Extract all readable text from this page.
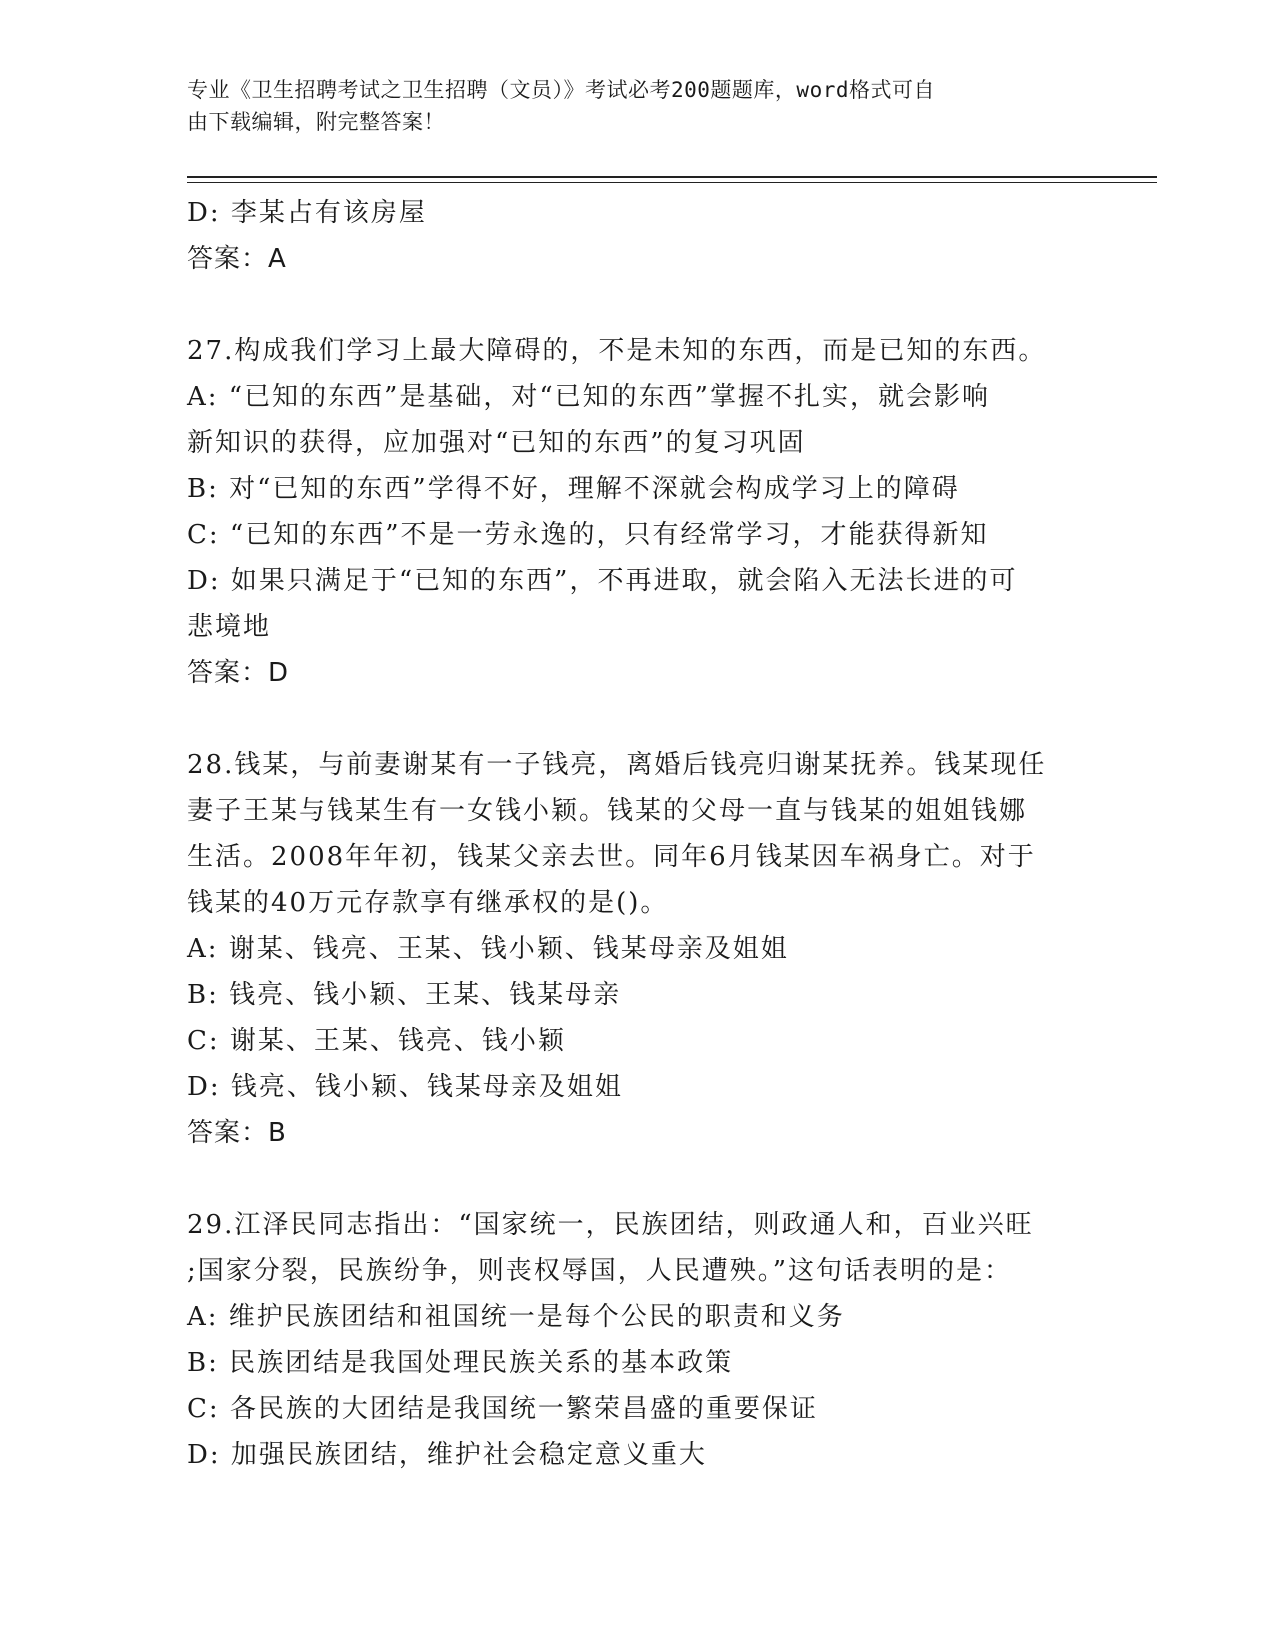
专业《卫生招聘考试之卫生招聘（文员）》考试必考200题题库，word格式可自
由下载编辑，附完整答案！
D: 李某占有该房屋
答案：A
27.构成我们学习上最大障碍的，不是未知的东西，而是已知的东西。
A: “已知的东西”是基础，对“已知的东西”掌握不扎实，就会影响
新知识的获得，应加强对“已知的东西”的复习巩固
B: 对“已知的东西”学得不好，理解不深就会构成学习上的障碍
C: “已知的东西”不是一劳永逸的，只有经常学习，才能获得新知
D: 如果只满足于“已知的东西”，不再进取，就会陷入无法长进的可
悲境地
答案：D
28.钱某，与前妻谢某有一子钱亮，离婚后钱亮归谢某抚养。钱某现任
妻子王某与钱某生有一女钱小颖。钱某的父母一直与钱某的姐姐钱娜
生活。2008年年初，钱某父亲去世。同年6月钱某因车祸身亡。对于
钱某的40万元存款享有继承权的是()。
A: 谢某、钱亮、王某、钱小颖、钱某母亲及姐姐
B: 钱亮、钱小颖、王某、钱某母亲
C: 谢某、王某、钱亮、钱小颖
D: 钱亮、钱小颖、钱某母亲及姐姐
答案：B
29.江泽民同志指出：“国家统一，民族团结，则政通人和，百业兴旺
;国家分裂，民族纷争，则丧权辱国，人民遭殃。”这句话表明的是：
A: 维护民族团结和祖国统一是每个公民的职责和义务
B: 民族团结是我国处理民族关系的基本政策
C: 各民族的大团结是我国统一繁荣昌盛的重要保证
D: 加强民族团结，维护社会稳定意义重大
